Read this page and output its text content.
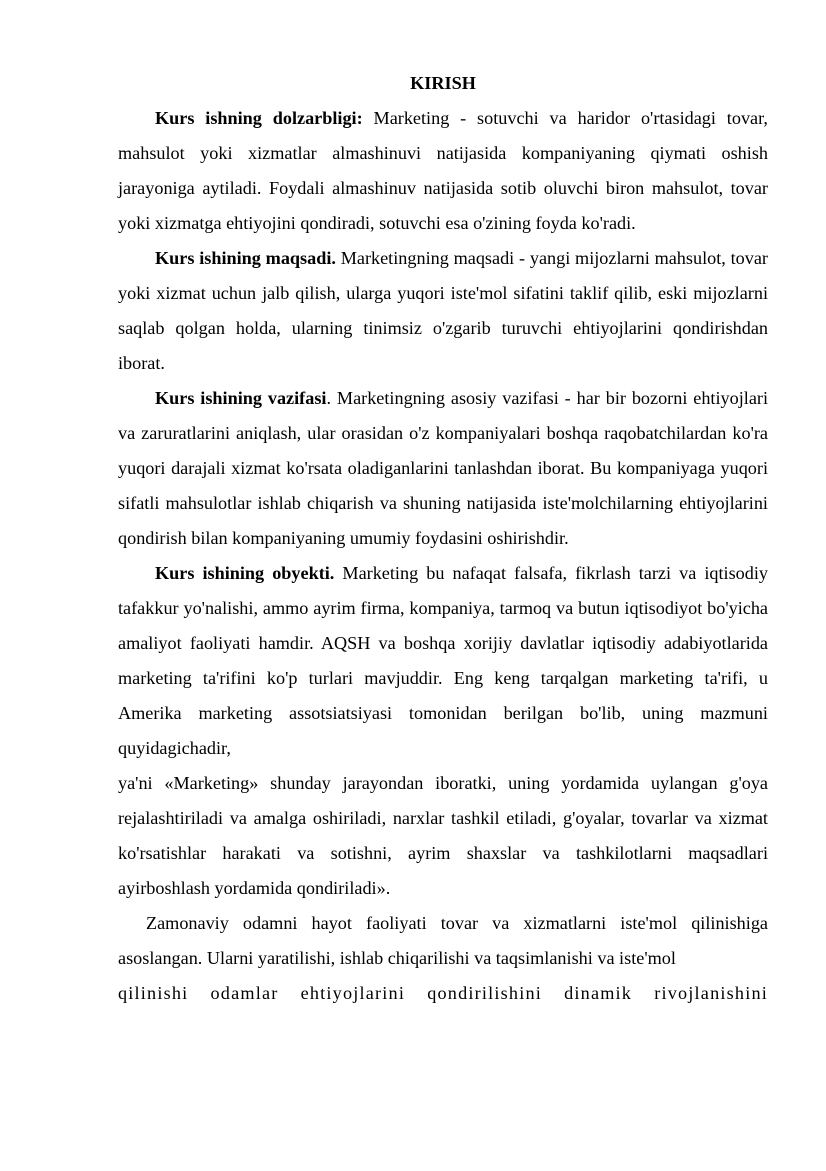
KIRISH

Kurs ishning dolzarbligi: Marketing - sotuvchi va haridor o'rtasidagi tovar, mahsulot yoki xizmatlar almashinuvi natijasida kompaniyaning qiymati oshish jarayoniga aytiladi. Foydali almashinuv natijasida sotib oluvchi biron mahsulot, tovar yoki xizmatga ehtiyojini qondiradi, sotuvchi esa o'zining foyda ko'radi.

Kurs ishining maqsadi. Marketingning maqsadi - yangi mijozlarni mahsulot, tovar yoki xizmat uchun jalb qilish, ularga yuqori iste'mol sifatini taklif qilib, eski mijozlarni saqlab qolgan holda, ularning tinimsiz o'zgarib turuvchi ehtiyojlarini qondirishdan iborat.

Kurs ishining vazifasi. Marketingning asosiy vazifasi - har bir bozorni ehtiyojlari va zaruratlarini aniqlash, ular orasidan o'z kompaniyalari boshqa raqobatchilardan ko'ra yuqori darajali xizmat ko'rsata oladiganlarini tanlashdan iborat. Bu kompaniyaga yuqori sifatli mahsulotlar ishlab chiqarish va shuning natijasida iste'molchilarning ehtiyojlarini qondirish bilan kompaniyaning umumiy foydasini oshirishdir.

Kurs ishining obyekti. Marketing bu nafaqat falsafa, fikrlash tarzi va iqtisodiy tafakkur yo'nalishi, ammo ayrim firma, kompaniya, tarmoq va butun iqtisodiyot bo'yicha amaliyot faoliyati hamdir. AQSH va boshqa xorijiy davlatlar iqtisodiy adabiyotlarida marketing ta'rifini ko'p turlari mavjuddir. Eng keng tarqalgan marketing ta'rifi, u Amerika marketing assotsiatsiyasi tomonidan berilgan bo'lib, uning mazmuni quyidagichadir,

ya'ni «Marketing» shunday jarayondan iboratki, uning yordamida uylangan g'oya rejalashtiriladi va amalga oshiriladi, narxlar tashkil etiladi, g'oyalar, tovarlar va xizmat ko'rsatishlar harakati va sotishni, ayrim shaxslar va tashkilotlarni maqsadlari ayirboshlash yordamida qondiriladi».

Zamonaviy odamni hayot faoliyati tovar va xizmatlarni iste'mol qilinishiga asoslangan. Ularni yaratilishi, ishlab chiqarilishi va taqsimlanishi va iste'mol

qilinishi odamlar ehtiyojlarini qondirilishini dinamik rivojlanishini
